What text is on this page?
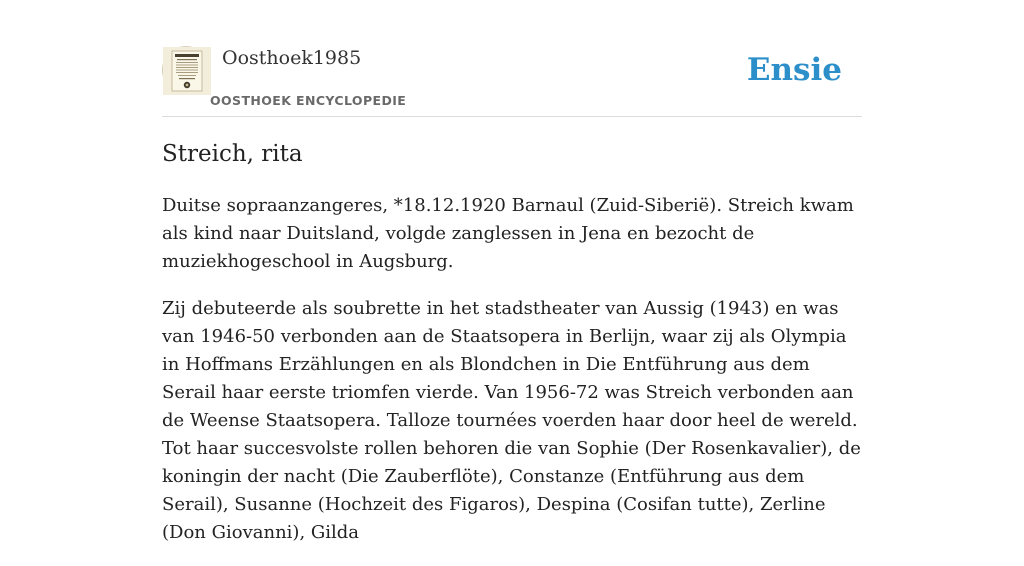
Oosthoek1985
OOSTHOEK ENCYCLOPEDIE
Ensie
Streich, rita

Duitse sopraanzangeres, *18.12.1920 Barnaul (Zuid-Siberië). Streich kwam als kind naar Duitsland, volgde zanglessen in Jena en bezocht de muziekhogeschool in Augsburg.

Zij debuteerde als soubrette in het stadstheater van Aussig (1943) en was van 1946-50 verbonden aan de Staatsopera in Berlijn, waar zij als Olympia in Hoffmans Erzählungen en als Blondchen in Die Entführung aus dem Serail haar eerste triomfen vierde. Van 1956-72 was Streich verbonden aan de Weense Staatsopera. Talloze tournées voerden haar door heel de wereld. Tot haar succesvolste rollen behoren die van Sophie (Der Rosenkavalier), de koningin der nacht (Die Zauberflöte), Constanze (Entführung aus dem Serail), Susanne (Hochzeit des Figaros), Despina (Cosifan tutte), Zerline (Don Giovanni), Gilda
